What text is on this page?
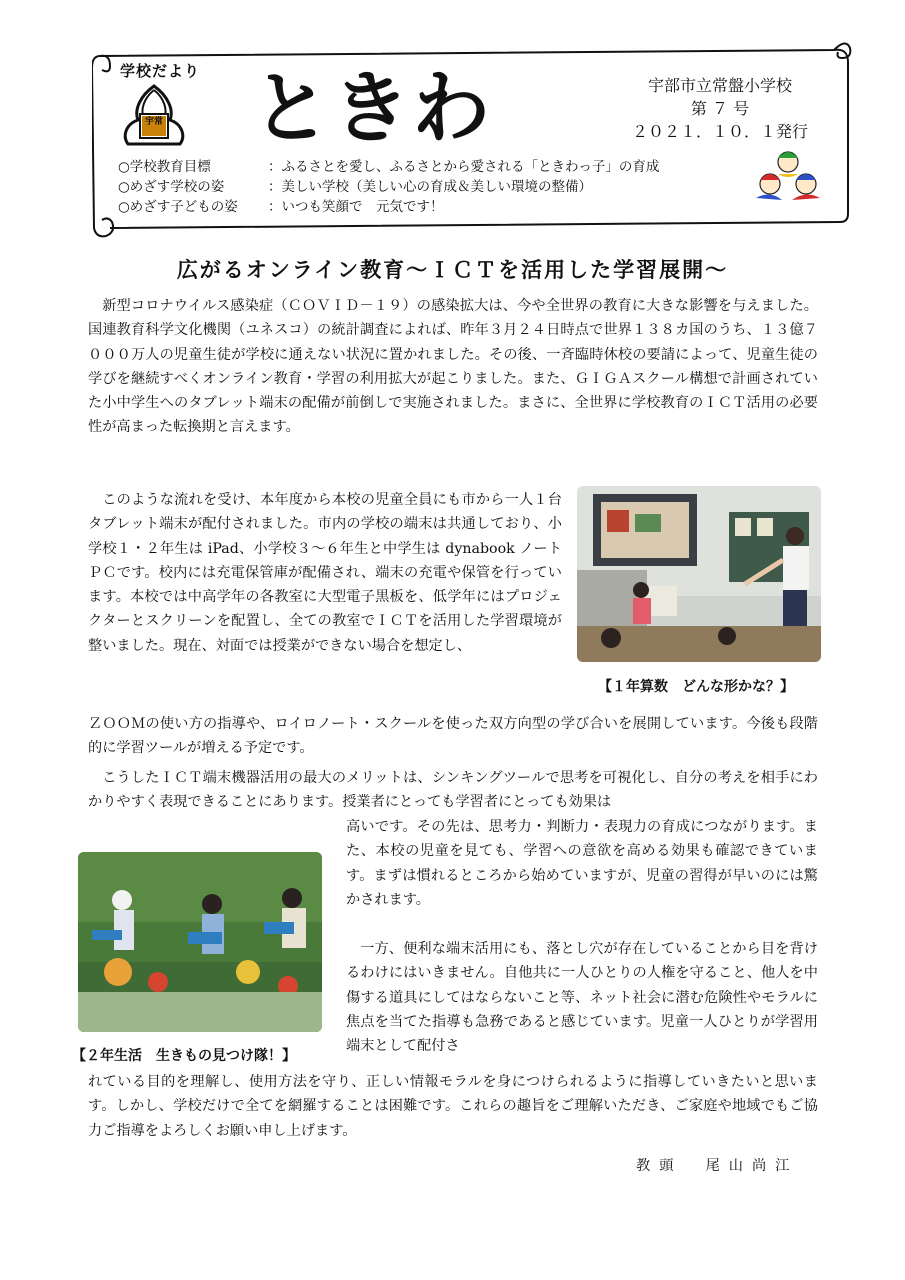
学校だより
宇常 ときわ	宇部市立常盤小学校
第 ７ 号
２０２１．１０．１発行
○学校教育目標	：ふるさとを愛し、ふるさとから愛される「ときわっ子」の育成
○めざす学校の姿	：美しい学校（美しい心の育成＆美しい環境の整備）
○めざす子どもの姿 ：いつも笑顔で　元気です！
広がるオンライン教育～ＩＣＴを活用した学習展開～

新型コロナウイルス感染症（ＣＯＶＩＤ－１９）の感染拡大は、今や全世界の教育に大きな影響を与えました。国連教育科学文化機関（ユネスコ）の統計調査によれば、昨年３月２４日時点で世界１３８カ国のうち、１３億７０００万人の児童生徒が学校に通えない状況に置かれました。その後、一斉臨時休校の要請によって、児童生徒の学びを継続すべくオンライン教育・学習の利用拡大が起こりました。また、ＧＩＧＡスクール構想で計画されていた小中学生へのタブレット端末の配備が前倒しで実施されました。まさに、全世界に学校教育のＩＣＴ活用の必要性が高まった転換期と言えます。

このような流れを受け、本年度から本校の児童全員にも市から一人１台タブレット端末が配付されました。市内の学校の端末は共通しており、小学校１・２年生は iPad、小学校３～６年生と中学生は dynabook ノートＰＣです。校内には充電保管庫が配備され、端末の充電や保管を行っています。本校では中高学年の各教室に大型電子黒板を、低学年にはプロジェクターとスクリーンを配置し、全ての教室でＩＣＴを活用した学習環境が整いました。現在、対面では授業ができない場合を想定し、

【１年算数　どんな形かな？】

ＺＯＯＭの使い方の指導や、ロイロノート・スクールを使った双方向型の学び合いを展開しています。今後も段階的に学習ツールが増える予定です。

こうしたＩＣＴ端末機器活用の最大のメリットは、シンキングツールで思考を可視化し、自分の考えを相手にわかりやすく表現できることにあります。授業者にとっても学習者にとっても効果は

高いです。その先は、思考力・判断力・表現力の育成につながります。また、本校の児童を見ても、学習への意欲を高める効果も確認できています。まずは慣れるところから始めていますが、児童の習得が早いのには驚かされます。

一方、便利な端末活用にも、落とし穴が存在していることから目を背けるわけにはいきません。自他共に一人ひとりの人権を守ること、他人を中傷する道具にしてはならないこと等、ネット社会に潜む危険性やモラルに焦点を当てた指導も急務であると感じています。児童一人ひとりが学習用端末として配付さ

【２年生活　生きもの見つけ隊！】

れている目的を理解し、使用方法を守り、正しい情報モラルを身につけられるように指導していきたいと思います。しかし、学校だけで全てを網羅することは困難です。これらの趣旨をご理解いただき、ご家庭や地域でもご協力ご指導をよろしくお願い申し上げます。

教頭　尾山尚江
